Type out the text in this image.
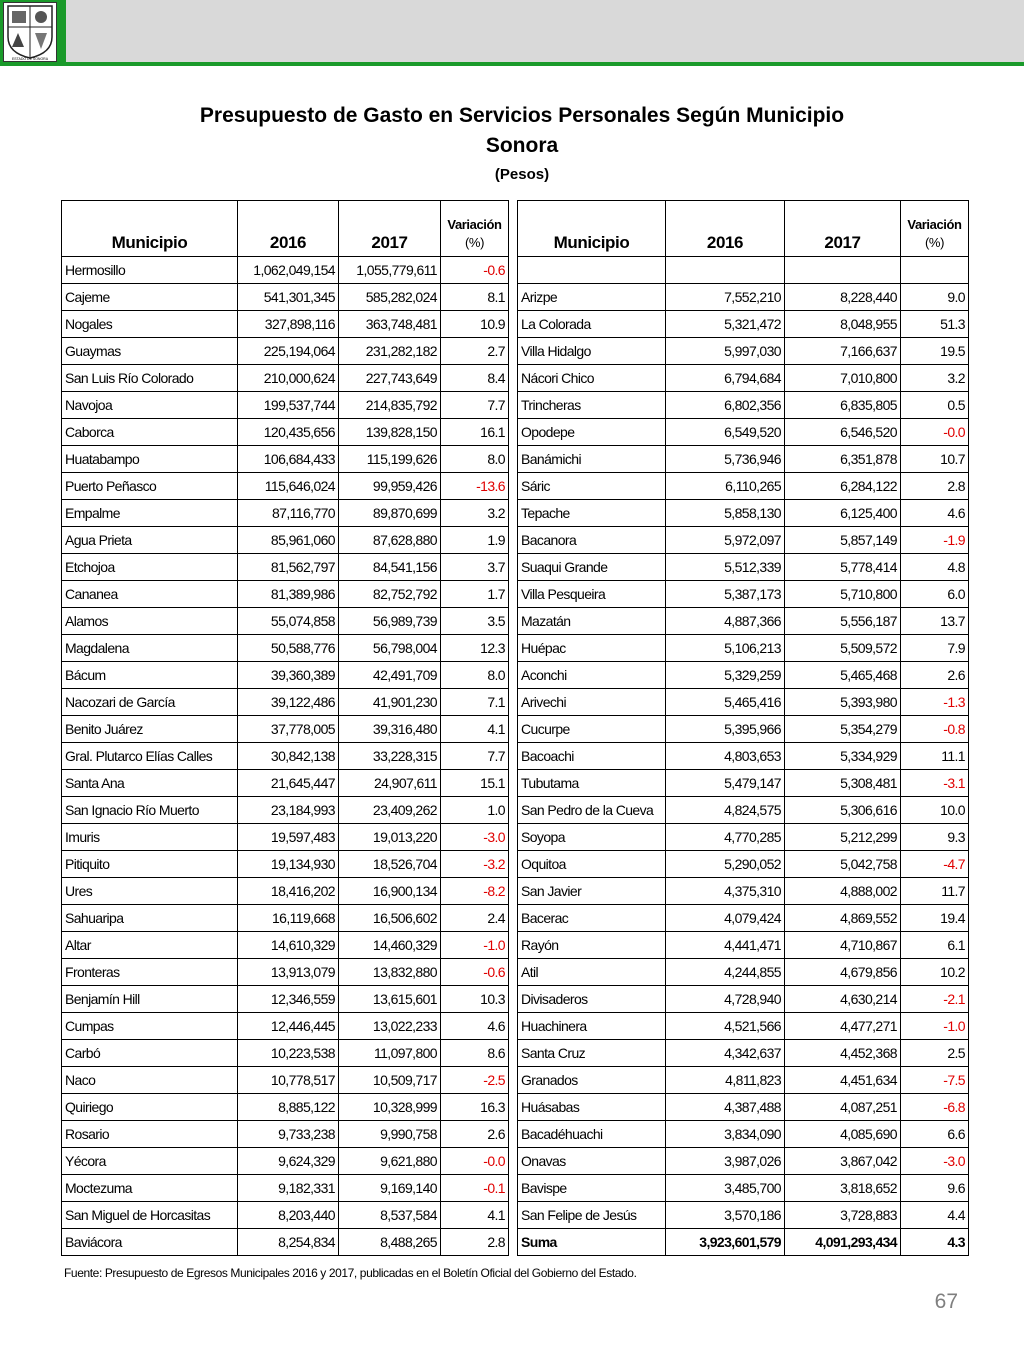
ESTADO DE SONORA
Presupuesto de Gasto en Servicios Personales Según Municipio
Sonora
(Pesos)
Municipio	2016	2017	Variación
(%)
Hermosillo	1,062,049,154	1,055,779,611	-0.6
Cajeme	541,301,345	585,282,024	8.1
Nogales	327,898,116	363,748,481	10.9
Guaymas	225,194,064	231,282,182	2.7
San Luis Río Colorado	210,000,624	227,743,649	8.4
Navojoa	199,537,744	214,835,792	7.7
Caborca	120,435,656	139,828,150	16.1
Huatabampo	106,684,433	115,199,626	8.0
Puerto Peñasco	115,646,024	99,959,426	-13.6
Empalme	87,116,770	89,870,699	3.2
Agua Prieta	85,961,060	87,628,880	1.9
Etchojoa	81,562,797	84,541,156	3.7
Cananea	81,389,986	82,752,792	1.7
Alamos	55,074,858	56,989,739	3.5
Magdalena	50,588,776	56,798,004	12.3
Bácum	39,360,389	42,491,709	8.0
Nacozari de García	39,122,486	41,901,230	7.1
Benito Juárez	37,778,005	39,316,480	4.1
Gral. Plutarco Elías Calles	30,842,138	33,228,315	7.7
Santa Ana	21,645,447	24,907,611	15.1
San Ignacio Río Muerto	23,184,993	23,409,262	1.0
Imuris	19,597,483	19,013,220	-3.0
Pitiquito	19,134,930	18,526,704	-3.2
Ures	18,416,202	16,900,134	-8.2
Sahuaripa	16,119,668	16,506,602	2.4
Altar	14,610,329	14,460,329	-1.0
Fronteras	13,913,079	13,832,880	-0.6
Benjamín Hill	12,346,559	13,615,601	10.3
Cumpas	12,446,445	13,022,233	4.6
Carbó	10,223,538	11,097,800	8.6
Naco	10,778,517	10,509,717	-2.5
Quiriego	8,885,122	10,328,999	16.3
Rosario	9,733,238	9,990,758	2.6
Yécora	9,624,329	9,621,880	-0.0
Moctezuma	9,182,331	9,169,140	-0.1
San Miguel de Horcasitas	8,203,440	8,537,584	4.1
Baviácora	8,254,834	8,488,265	2.8
Municipio	2016	2017	Variación
(%)

Arizpe	7,552,210	8,228,440	9.0
La Colorada	5,321,472	8,048,955	51.3
Villa Hidalgo	5,997,030	7,166,637	19.5
Nácori Chico	6,794,684	7,010,800	3.2
Trincheras	6,802,356	6,835,805	0.5
Opodepe	6,549,520	6,546,520	-0.0
Banámichi	5,736,946	6,351,878	10.7
Sáric	6,110,265	6,284,122	2.8
Tepache	5,858,130	6,125,400	4.6
Bacanora	5,972,097	5,857,149	-1.9
Suaqui Grande	5,512,339	5,778,414	4.8
Villa Pesqueira	5,387,173	5,710,800	6.0
Mazatán	4,887,366	5,556,187	13.7
Huépac	5,106,213	5,509,572	7.9
Aconchi	5,329,259	5,465,468	2.6
Arivechi	5,465,416	5,393,980	-1.3
Cucurpe	5,395,966	5,354,279	-0.8
Bacoachi	4,803,653	5,334,929	11.1
Tubutama	5,479,147	5,308,481	-3.1
San Pedro de la Cueva	4,824,575	5,306,616	10.0
Soyopa	4,770,285	5,212,299	9.3
Oquitoa	5,290,052	5,042,758	-4.7
San Javier	4,375,310	4,888,002	11.7
Bacerac	4,079,424	4,869,552	19.4
Rayón	4,441,471	4,710,867	6.1
Atil	4,244,855	4,679,856	10.2
Divisaderos	4,728,940	4,630,214	-2.1
Huachinera	4,521,566	4,477,271	-1.0
Santa Cruz	4,342,637	4,452,368	2.5
Granados	4,811,823	4,451,634	-7.5
Huásabas	4,387,488	4,087,251	-6.8
Bacadéhuachi	3,834,090	4,085,690	6.6
Onavas	3,987,026	3,867,042	-3.0
Bavispe	3,485,700	3,818,652	9.6
San Felipe de Jesús	3,570,186	3,728,883	4.4
Suma	3,923,601,579	4,091,293,434	4.3
Fuente: Presupuesto de Egresos Municipales 2016 y 2017, publicadas en el Boletín Oficial del Gobierno del Estado.
67
